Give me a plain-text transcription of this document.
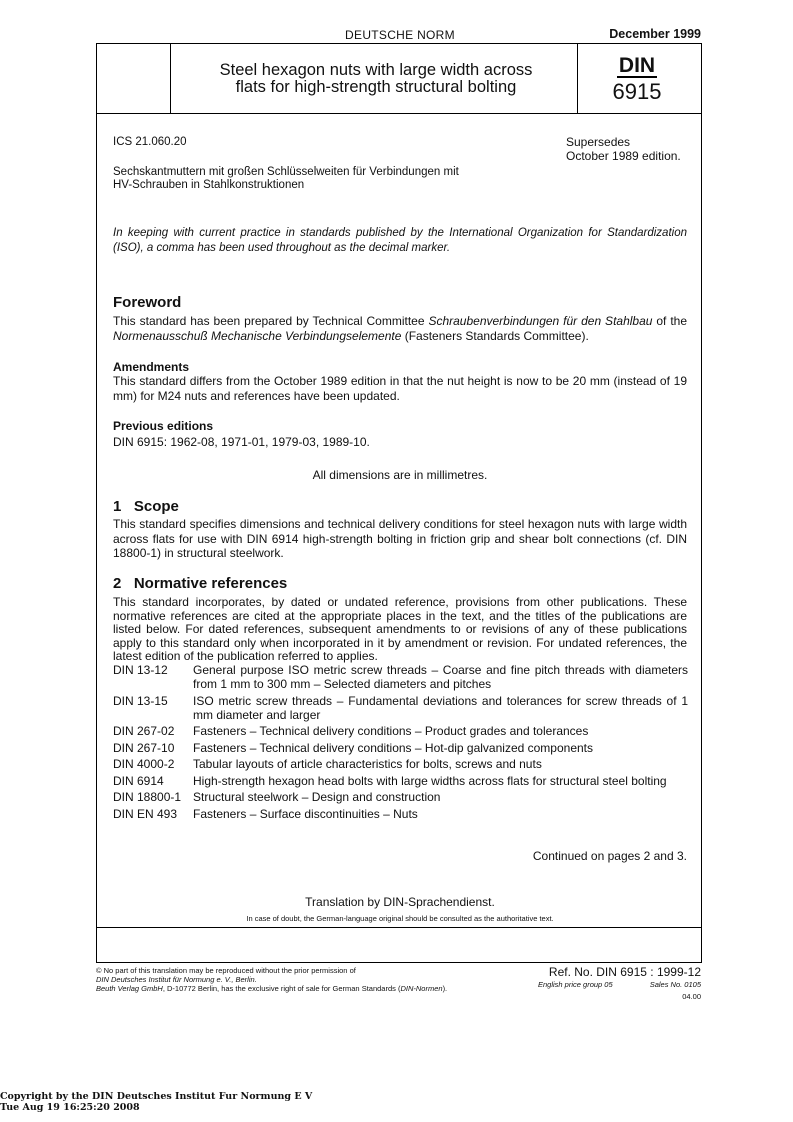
DEUTSCHE NORM	December 1999
Steel hexagon nuts with large width across
flats for high-strength structural bolting
DIN
6915
ICS 21.060.20	Supersedes
October 1989 edition.
Sechskantmuttern mit großen Schlüsselweiten für Verbindungen mit
HV-Schrauben in Stahlkonstruktionen
In keeping with current practice in standards published by the International Organization for Standardization (ISO), a comma has been used throughout as the decimal marker.
Foreword
This standard has been prepared by Technical Committee Schraubenverbindungen für den Stahlbau of the Normenausschuß Mechanische Verbindungselemente (Fasteners Standards Committee).
Amendments
This standard differs from the October 1989 edition in that the nut height is now to be 20 mm (instead of 19 mm) for M24 nuts and references have been updated.
Previous editions
DIN 6915: 1962-08, 1971-01, 1979-03, 1989-10.
All dimensions are in millimetres.
1   Scope
This standard specifies dimensions and technical delivery conditions for steel hexagon nuts with large width across flats for use with DIN 6914 high-strength bolting in friction grip and shear bolt connections (cf. DIN 18800-1) in structural steelwork.
2   Normative references
This standard incorporates, by dated or undated reference, provisions from other publications. These normative references are cited at the appropriate places in the text, and the titles of the publications are listed below. For dated references, subsequent amendments to or revisions of any of these publications apply to this standard only when incorporated in it by amendment or revision. For undated references, the latest edition of the publication referred to applies.
DIN 13-12	General purpose ISO metric screw threads – Coarse and fine pitch threads with diameters from 1 mm to 300 mm – Selected diameters and pitches
DIN 13-15	ISO metric screw threads – Fundamental deviations and tolerances for screw threads of 1 mm diameter and larger
DIN 267-02	Fasteners – Technical delivery conditions – Product grades and tolerances
DIN 267-10	Fasteners – Technical delivery conditions – Hot-dip galvanized components
DIN 4000-2	Tabular layouts of article characteristics for bolts, screws and nuts
DIN 6914	High-strength hexagon head bolts with large widths across flats for structural steel bolting
DIN 18800-1 Structural steelwork – Design and construction
DIN EN 493	Fasteners – Surface discontinuities – Nuts
Continued on pages 2 and 3.
Translation by DIN-Sprachendienst.
In case of doubt, the German-language original should be consulted as the authoritative text.
© No part of this translation may be reproduced without the prior permission of
DIN Deutsches Institut für Normung e. V., Berlin.
Beuth Verlag GmbH, D-10772 Berlin, has the exclusive right of sale for German Standards (DIN-Normen).
Ref. No. DIN 6915 : 1999-12
English price group 05	Sales No. 0105
04.00
Copyright by the DIN Deutsches Institut Fur Normung E V
Tue Aug 19 16:25:20 2008
